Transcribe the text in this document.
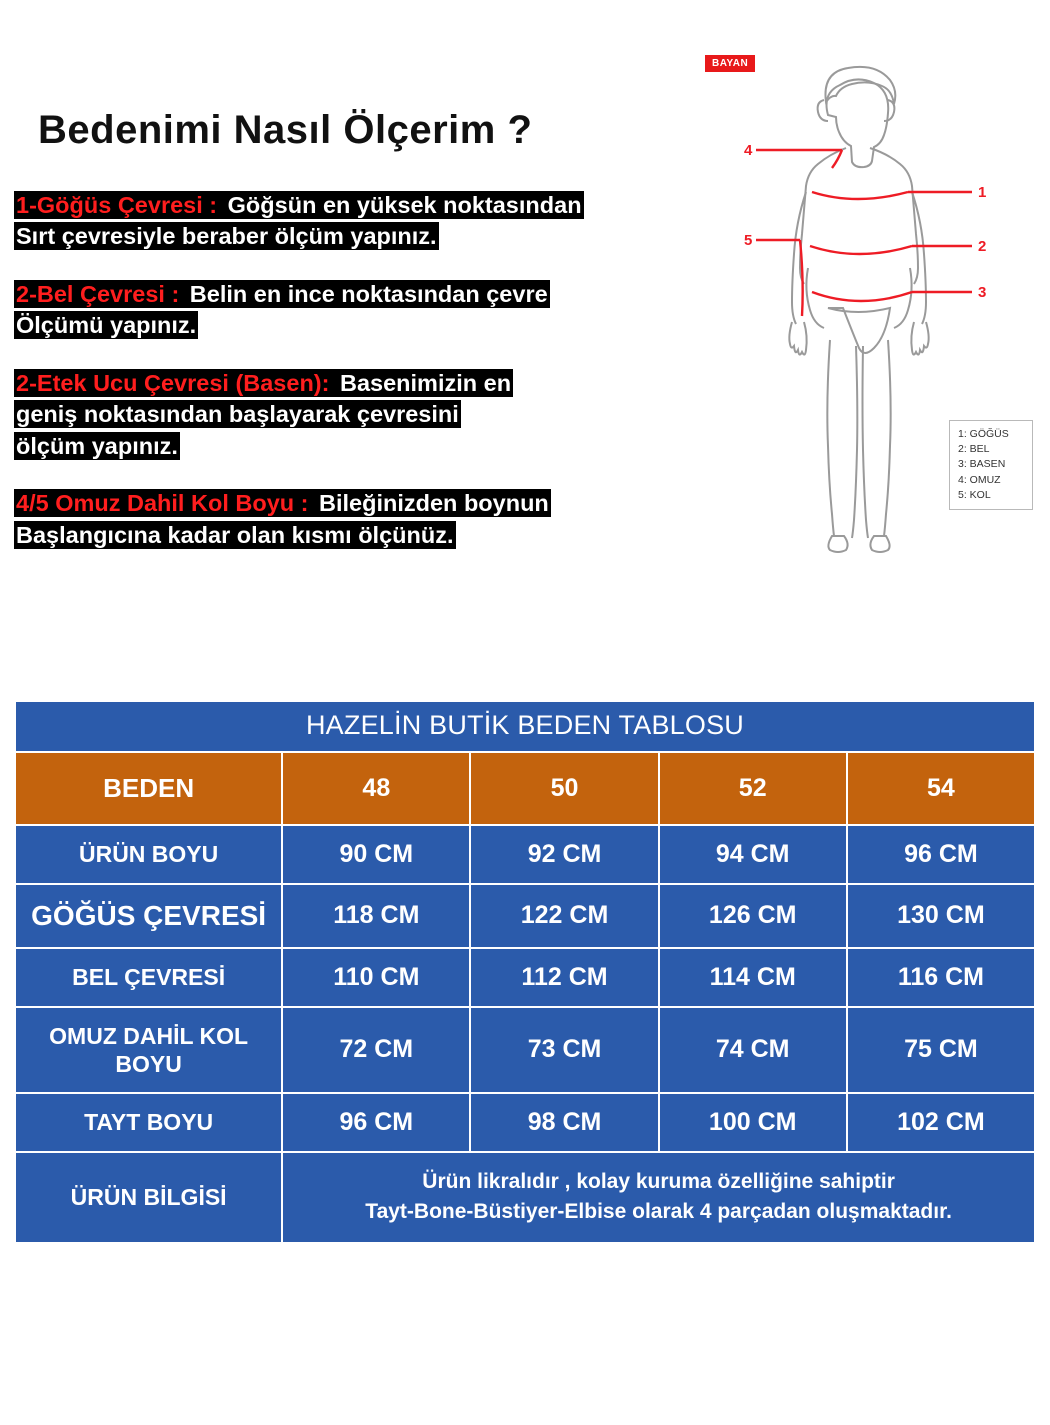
Bedenimi Nasıl Ölçerim ?
1-Göğüs Çevresi : Göğsün en yüksek noktasından
Sırt çevresiyle beraber ölçüm yapınız.
2-Bel Çevresi : Belin en ince noktasından çevre
Ölçümü yapınız.
2-Etek Ucu Çevresi (Basen): Basenimizin en
geniş noktasından başlayarak çevresini
ölçüm yapınız.
4/5 Omuz Dahil Kol Boyu : Bileğinizden boynun
Başlangıcına kadar olan kısmı ölçünüz.
BAYAN
1
2
3
4
5
1: GÖĞÜS
2: BEL
3: BASEN
4: OMUZ
5: KOL
HAZELİN BUTİK BEDEN TABLOSU				
BEDEN	48	50	52	54
ÜRÜN BOYU	90 CM	92 CM	94 CM	96 CM
GÖĞÜS ÇEVRESİ	118 CM	122 CM	126 CM	130 CM
BEL ÇEVRESİ	110 CM	112 CM	114 CM	116 CM
OMUZ DAHİL KOL BOYU	72 CM	73 CM	74 CM	75 CM
TAYT BOYU	96 CM	98 CM	100 CM	102 CM
ÜRÜN BİLGİSİ	Ürün likralıdır , kolay kuruma özelliğine sahiptir
Tayt-Bone-Büstiyer-Elbise olarak 4 parçadan oluşmaktadır.			
